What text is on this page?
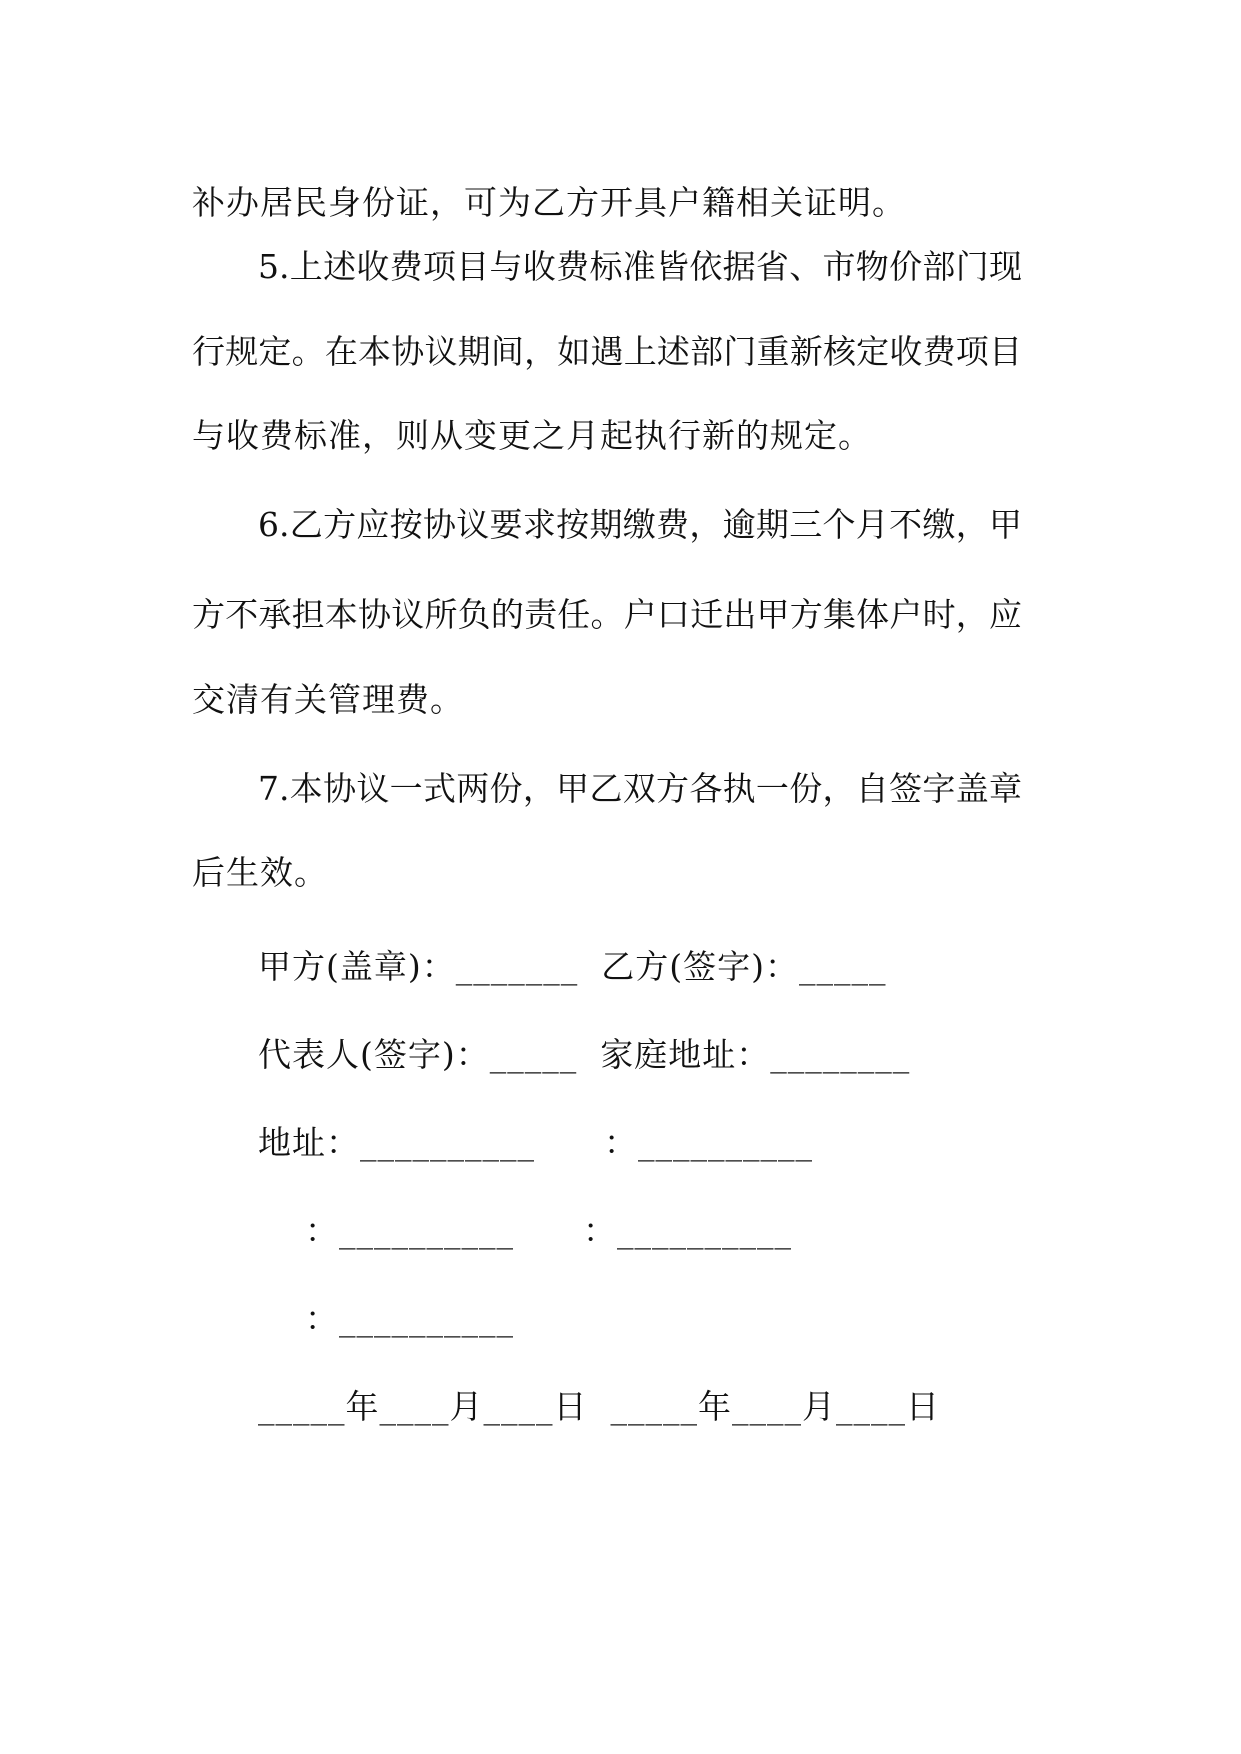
补办居民身份证，可为乙方开具户籍相关证明。

5.上述收费项目与收费标准皆依据省、市物价部门现

行规定。在本协议期间，如遇上述部门重新核定收费项目

与收费标准，则从变更之月起执行新的规定。

6.乙方应按协议要求按期缴费，逾期三个月不缴，甲

方不承担本协议所负的责任。户口迁出甲方集体户时，应

交清有关管理费。

7.本协议一式两份，甲乙双方各执一份，自签字盖章

后生效。

甲方(盖章)：_______  乙方(签字)：_____

代表人(签字)：_____  家庭地址：________

地址：__________      ：__________

：__________      ：__________

：__________

_____年____月____日  _____年____月____日
